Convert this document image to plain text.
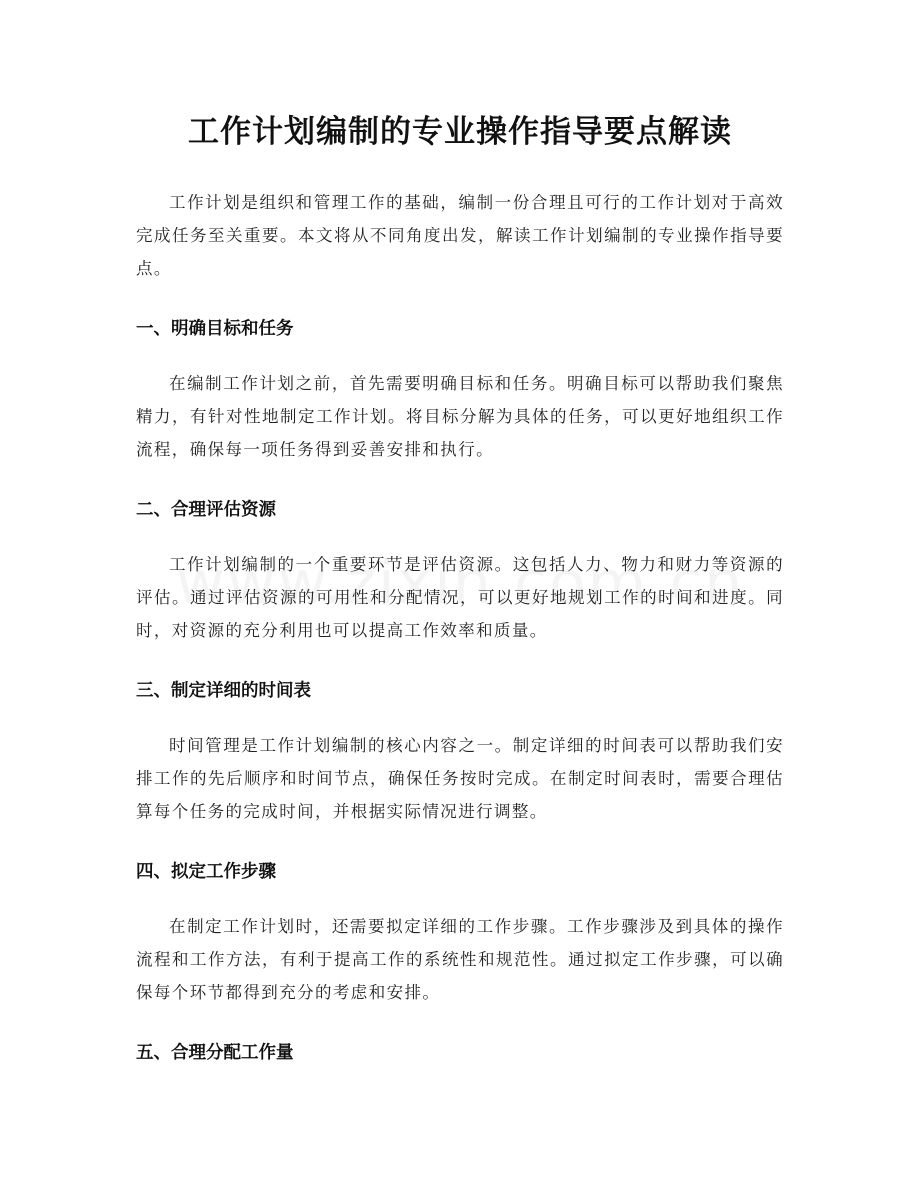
工作计划编制的专业操作指导要点解读

工作计划是组织和管理工作的基础，编制一份合理且可行的工作计划对于高效完成任务至关重要。本文将从不同角度出发，解读工作计划编制的专业操作指导要点。

一、明确目标和任务

在编制工作计划之前，首先需要明确目标和任务。明确目标可以帮助我们聚焦精力，有针对性地制定工作计划。将目标分解为具体的任务，可以更好地组织工作流程，确保每一项任务得到妥善安排和执行。

二、合理评估资源

工作计划编制的一个重要环节是评估资源。这包括人力、物力和财力等资源的评估。通过评估资源的可用性和分配情况，可以更好地规划工作的时间和进度。同时，对资源的充分利用也可以提高工作效率和质量。

三、制定详细的时间表

时间管理是工作计划编制的核心内容之一。制定详细的时间表可以帮助我们安排工作的先后顺序和时间节点，确保任务按时完成。在制定时间表时，需要合理估算每个任务的完成时间，并根据实际情况进行调整。

四、拟定工作步骤

在制定工作计划时，还需要拟定详细的工作步骤。工作步骤涉及到具体的操作流程和工作方法，有利于提高工作的系统性和规范性。通过拟定工作步骤，可以确保每个环节都得到充分的考虑和安排。

五、合理分配工作量
